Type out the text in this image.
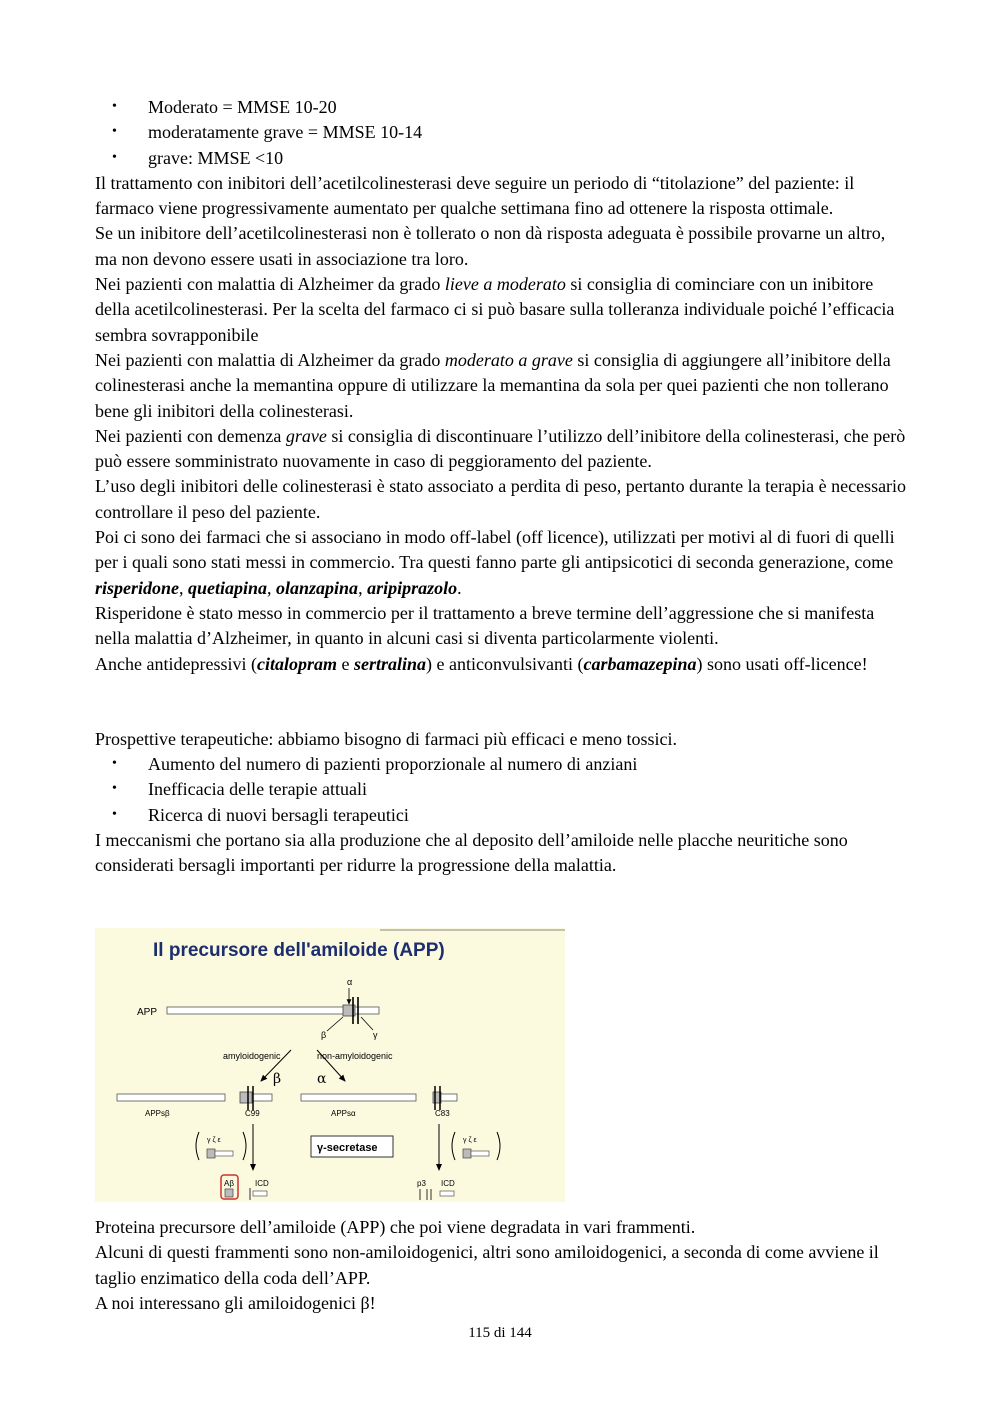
• Moderato = MMSE 10-20
• moderatamente grave = MMSE 10-14
• grave: MMSE <10

Il trattamento con inibitori dell’acetilcolinesterasi deve seguire un periodo di “titolazione” del paziente: il farmaco viene progressivamente aumentato per qualche settimana fino ad ottenere la risposta ottimale.

Se un inibitore dell’acetilcolinesterasi non è tollerato o non dà risposta adeguata è possibile provarne un altro, ma non devono essere usati in associazione tra loro.

Nei pazienti con malattia di Alzheimer da grado lieve a moderato si consiglia di cominciare con un inibitore della acetilcolinesterasi. Per la scelta del farmaco ci si può basare sulla tolleranza individuale poiché l’efficacia sembra sovrapponibile

Nei pazienti con malattia di Alzheimer da grado moderato a grave si consiglia di aggiungere all’inibitore della colinesterasi anche la memantina oppure di utilizzare la memantina da sola per quei pazienti che non tollerano bene gli inibitori della colinesterasi.

Nei pazienti con demenza grave si consiglia di discontinuare l’utilizzo dell’inibitore della colinesterasi, che però può essere somministrato nuovamente in caso di peggioramento del paziente.

L’uso degli inibitori delle colinesterasi è stato associato a perdita di peso, pertanto durante la terapia è necessario controllare il peso del paziente.

Poi ci sono dei farmaci che si associano in modo off-label (off licence), utilizzati per motivi al di fuori di quelli per i quali sono stati messi in commercio. Tra questi fanno parte gli antipsicotici di seconda generazione, come risperidone, quetiapina, olanzapina, aripiprazolo.

Risperidone è stato messo in commercio per il trattamento a breve termine dell’aggressione che si manifesta nella malattia d’Alzheimer, in quanto in alcuni casi si diventa particolarmente violenti.

Anche antidepressivi (citalopram e sertralina) e anticonvulsivanti (carbamazepina) sono usati off-licence!

Prospettive terapeutiche: abbiamo bisogno di farmaci più efficaci e meno tossici.

• Aumento del numero di pazienti proporzionale al numero di anziani
• Inefficacia delle terapie attuali
• Ricerca di nuovi bersagli terapeutici

I meccanismi che portano sia alla produzione che al deposito dell’amiloide nelle placche neuritiche sono considerati bersagli importanti per ridurre la progressione della malattia.

Il precursore dell'amiloide (APP)
APP
α
β	γ
amyloidogenic	non-amyloidogenic
β	α
APPsβ	C99	APPsα	C83
γ ζ ε	γ ζ ε
γ-secretase
Aβ	ICD	p3 ICD

Proteina precursore dell’amiloide (APP) che poi viene degradata in vari frammenti.

Alcuni di questi frammenti sono non-amiloidogenici, altri sono amiloidogenici, a seconda di come avviene il taglio enzimatico della coda dell’APP.

A noi interessano gli amiloidogenici β!

115 di 144
